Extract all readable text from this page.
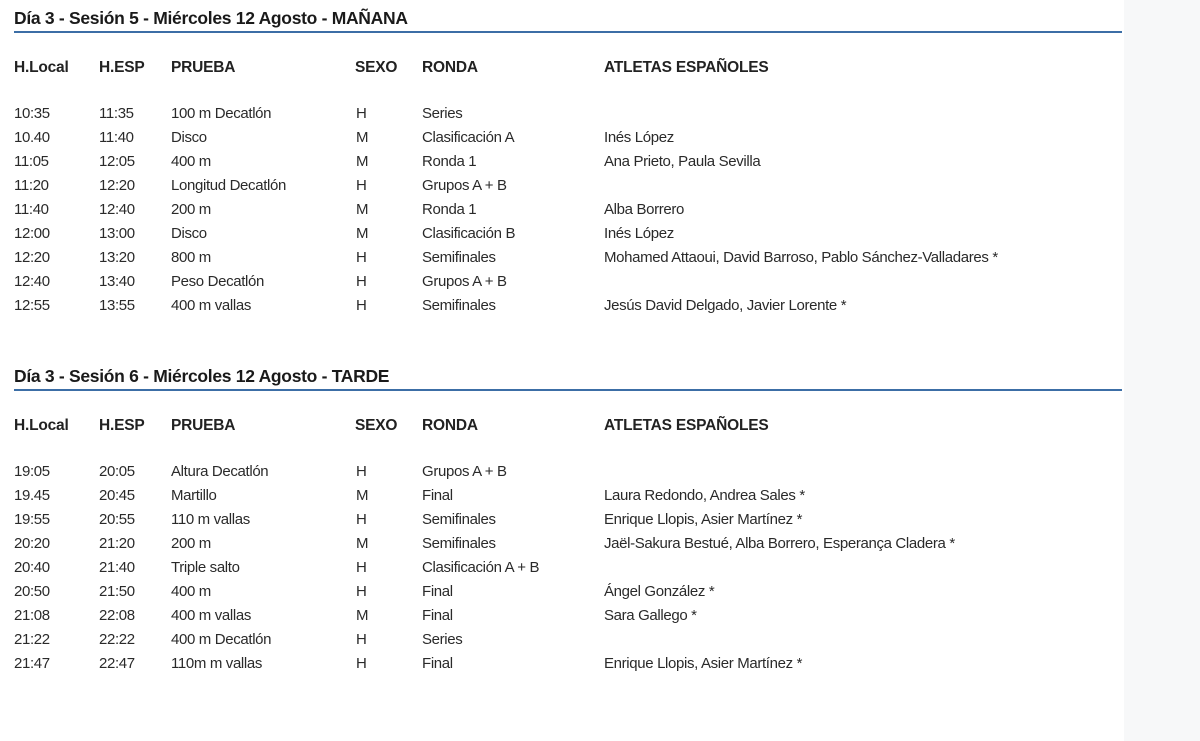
Día 3 - Sesión 5 - Miércoles 12 Agosto - MAÑANA
H.Local H.ESP PRUEBA	SEXO RONDA	ATLETAS ESPAÑOLES
10:35	11:35 100 m Decatlón	H	Series
10.40	11:40 Disco	M	Clasificación A	Inés López
11:05	12:05 400 m	M	Ronda 1	Ana Prieto, Paula Sevilla
11:20	12:20 Longitud Decatlón	H	Grupos A + B
11:40	12:40 200 m	M	Ronda 1	Alba Borrero
12:00	13:00 Disco	M	Clasificación B	Inés López
12:20	13:20 800 m	H	Semifinales	Mohamed Attaoui, David Barroso, Pablo Sánchez-Valladares *
12:40	13:40 Peso Decatlón	H	Grupos A + B
12:55	13:55 400 m vallas	H	Semifinales	Jesús David Delgado, Javier Lorente *
Día 3 - Sesión 6 - Miércoles 12 Agosto - TARDE
H.Local H.ESP PRUEBA	SEXO RONDA	ATLETAS ESPAÑOLES
19:05	20:05 Altura Decatlón	H	Grupos A + B
19.45	20:45 Martillo	M	Final	Laura Redondo, Andrea Sales *
19:55	20:55 110 m vallas	H	Semifinales	Enrique Llopis, Asier Martínez *
20:20	21:20 200 m	M	Semifinales	Jaël-Sakura Bestué, Alba Borrero, Esperança Cladera *
20:40	21:40 Triple salto	H	Clasificación A + B
20:50	21:50 400 m	H	Final	Ángel González *
21:08	22:08 400 m vallas	M	Final	Sara Gallego *
21:22	22:22 400 m Decatlón	H	Series
21:47	22:47 110m m vallas	H	Final	Enrique Llopis, Asier Martínez *
